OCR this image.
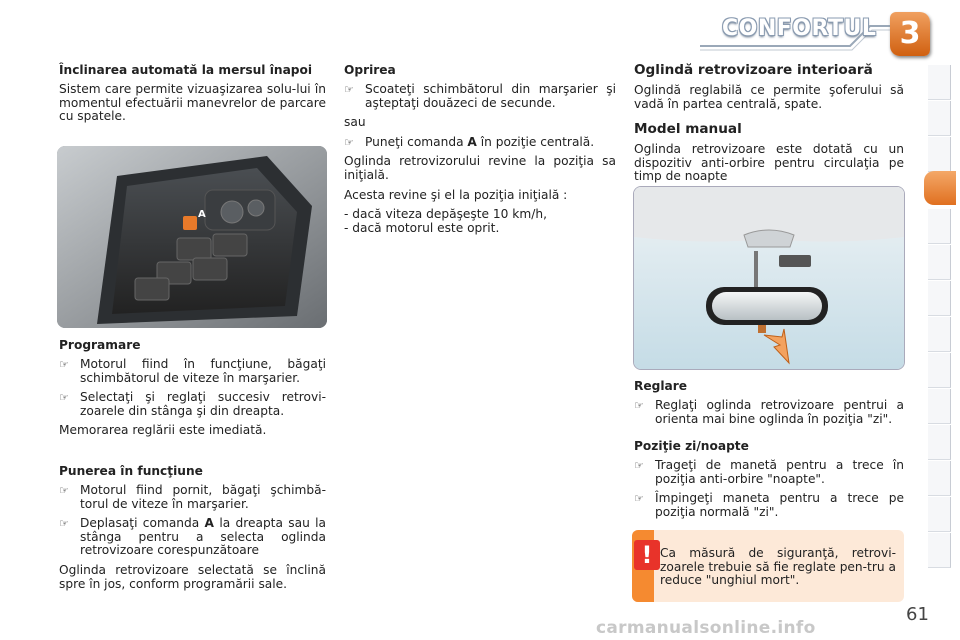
CONFORTUL 3

Înclinarea automată la mersul înapoi

Sistem care permite vizuaşizarea solu-lui în momentul efectuării manevrelor de parcare cu spatele.

A

Programare

☞ Motorul fiind în funcţiune, băgaţi schimbătorul de viteze în marşarier.
☞ Selectaţi şi reglaţi succesiv retrovi-zoarele din stânga şi din dreapta.

Memorarea reglării este imediată.

Punerea în funcţiune

☞ Motorul fiind pornit, băgaţi şchimbă-torul de viteze în marşarier.
☞ Deplasaţi comanda A la dreapta sau la stânga pentru a selecta oglinda retrovizoare corespunzătoare

Oglinda retrovizoare selectată se înclină spre în jos, conform programării sale.

Oprirea

☞ Scoateţi schimbătorul din marşarier şi aşteptaţi douăzeci de secunde.

sau

☞ Puneţi comanda A în poziţie centrală.

Oglinda retrovizorului revine la poziţia sa iniţială.

Acesta revine şi el la poziţia iniţială :

- dacă viteza depăşeşte 10 km/h,

- dacă motorul este oprit.

Oglindă retrovizoare interioară

Oglindă reglabilă ce permite şoferului să vadă în partea centrală, spate.

Model manual

Oglinda retrovizoare este dotată cu un dispozitiv anti-orbire pentru circulaţia pe timp de noapte

Reglare

☞ Reglaţi oglinda retrovizoare pentrui a orienta mai bine oglinda în poziţia "zi".

Poziţie zi/noapte

☞ Trageţi de manetă pentru a trece în poziţia anti-orbire "noapte".
☞ Împingeţi maneta pentru a trece pe poziţia normală "zi".
! Ca măsură de siguranţă, retrovi-zoarele trebuie să fie reglate pen-tru a reduce "unghiul mort".
61
carmanualsonline.info
